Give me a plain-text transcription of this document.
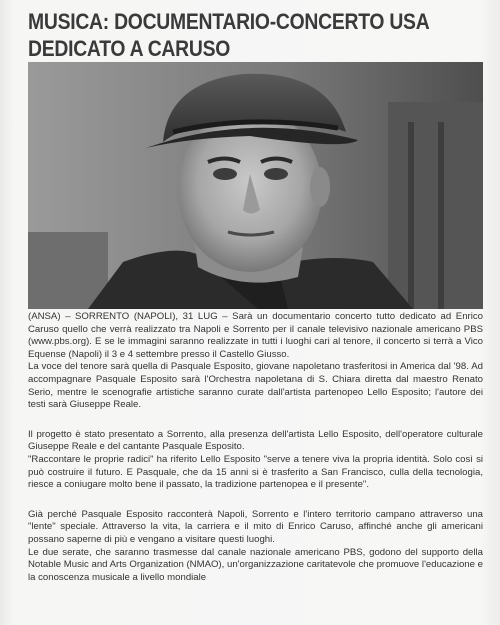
MUSICA: DOCUMENTARIO-CONCERTO USA DEDICATO A CARUSO

(ANSA) – SORRENTO (NAPOLI), 31 LUG – Sarà un documentario concerto tutto dedicato ad Enrico Caruso quello che verrà realizzato tra Napoli e Sorrento per il canale televisivo nazionale americano PBS (www.pbs.org). E se le immagini saranno realizzate in tutti i luoghi cari al tenore, il concerto si terrà a Vico Equense (Napoli) il 3 e 4 settembre presso il Castello Giusso.

La voce del tenore sarà quella di Pasquale Esposito, giovane napoletano trasferitosi in America dal '98. Ad accompagnare Pasquale Esposito sarà l'Orchestra napoletana di S. Chiara diretta dal maestro Renato Serio, mentre le scenografie artistiche saranno curate dall'artista partenopeo Lello Esposito; l'autore dei testi sarà Giuseppe Reale.

Il progetto è stato presentato a Sorrento, alla presenza dell'artista Lello Esposito, dell'operatore culturale Giuseppe Reale e del cantante Pasquale Esposito.

"Raccontare le proprie radici" ha riferito Lello Esposito "serve a tenere viva la propria identità. Solo così si può costruire il futuro. E Pasquale, che da 15 anni si è trasferito a San Francisco, culla della tecnologia, riesce a coniugare molto bene il passato, la tradizione partenopea e il presente".

Già perché Pasquale Esposito racconterà Napoli, Sorrento e l'intero territorio campano attraverso una "lente" speciale. Attraverso la vita, la carriera e il mito di Enrico Caruso, affinché anche gli americani possano saperne di più e vengano a visitare questi luoghi.

Le due serate, che saranno trasmesse dal canale nazionale americano PBS, godono del supporto della Notable Music and Arts Organization (NMAO), un'organizzazione caritatevole che promuove l'educazione e la conoscenza musicale a livello mondiale
